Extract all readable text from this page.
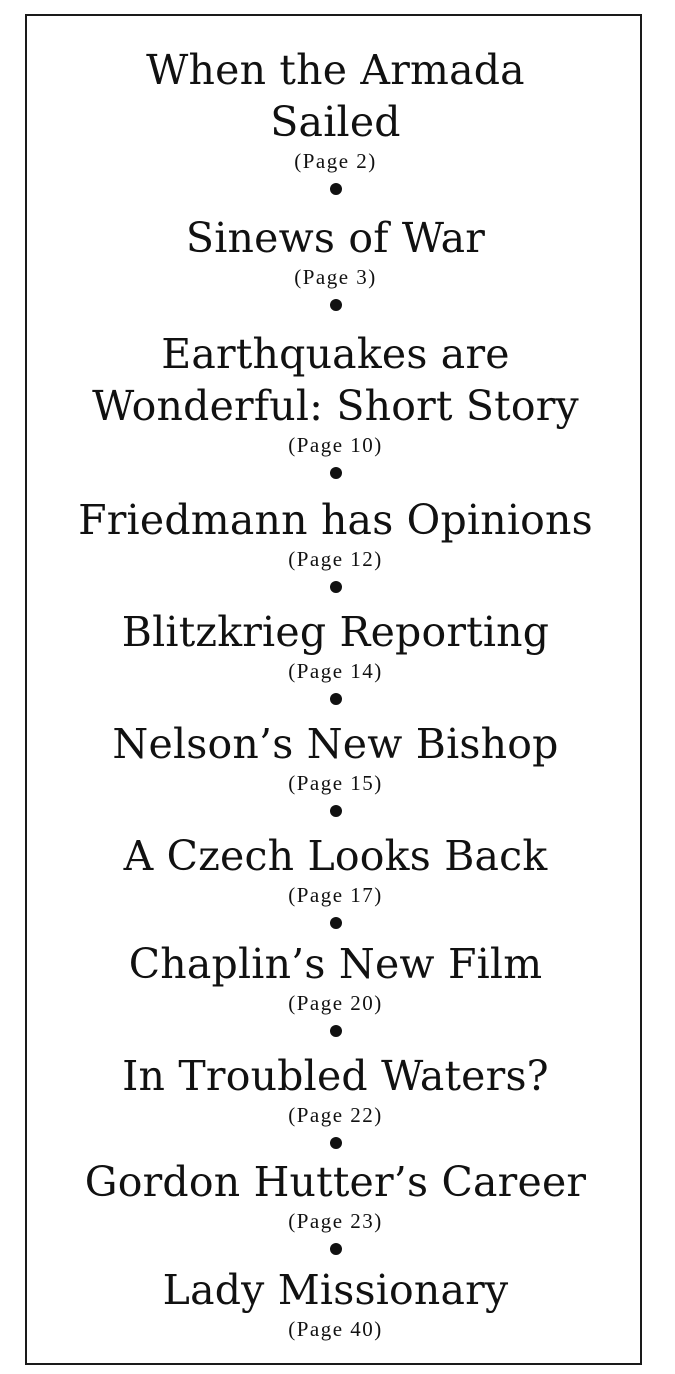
When the Armada
Sailed
(Page 2)
Sinews of War
(Page 3)
Earthquakes are
Wonderful: Short Story
(Page 10)
Friedmann has Opinions
(Page 12)
Blitzkrieg Reporting
(Page 14)
Nelson’s New Bishop
(Page 15)
A Czech Looks Back
(Page 17)
Chaplin’s New Film
(Page 20)
In Troubled Waters?
(Page 22)
Gordon Hutter’s Career
(Page 23)
Lady Missionary
(Page 40)
